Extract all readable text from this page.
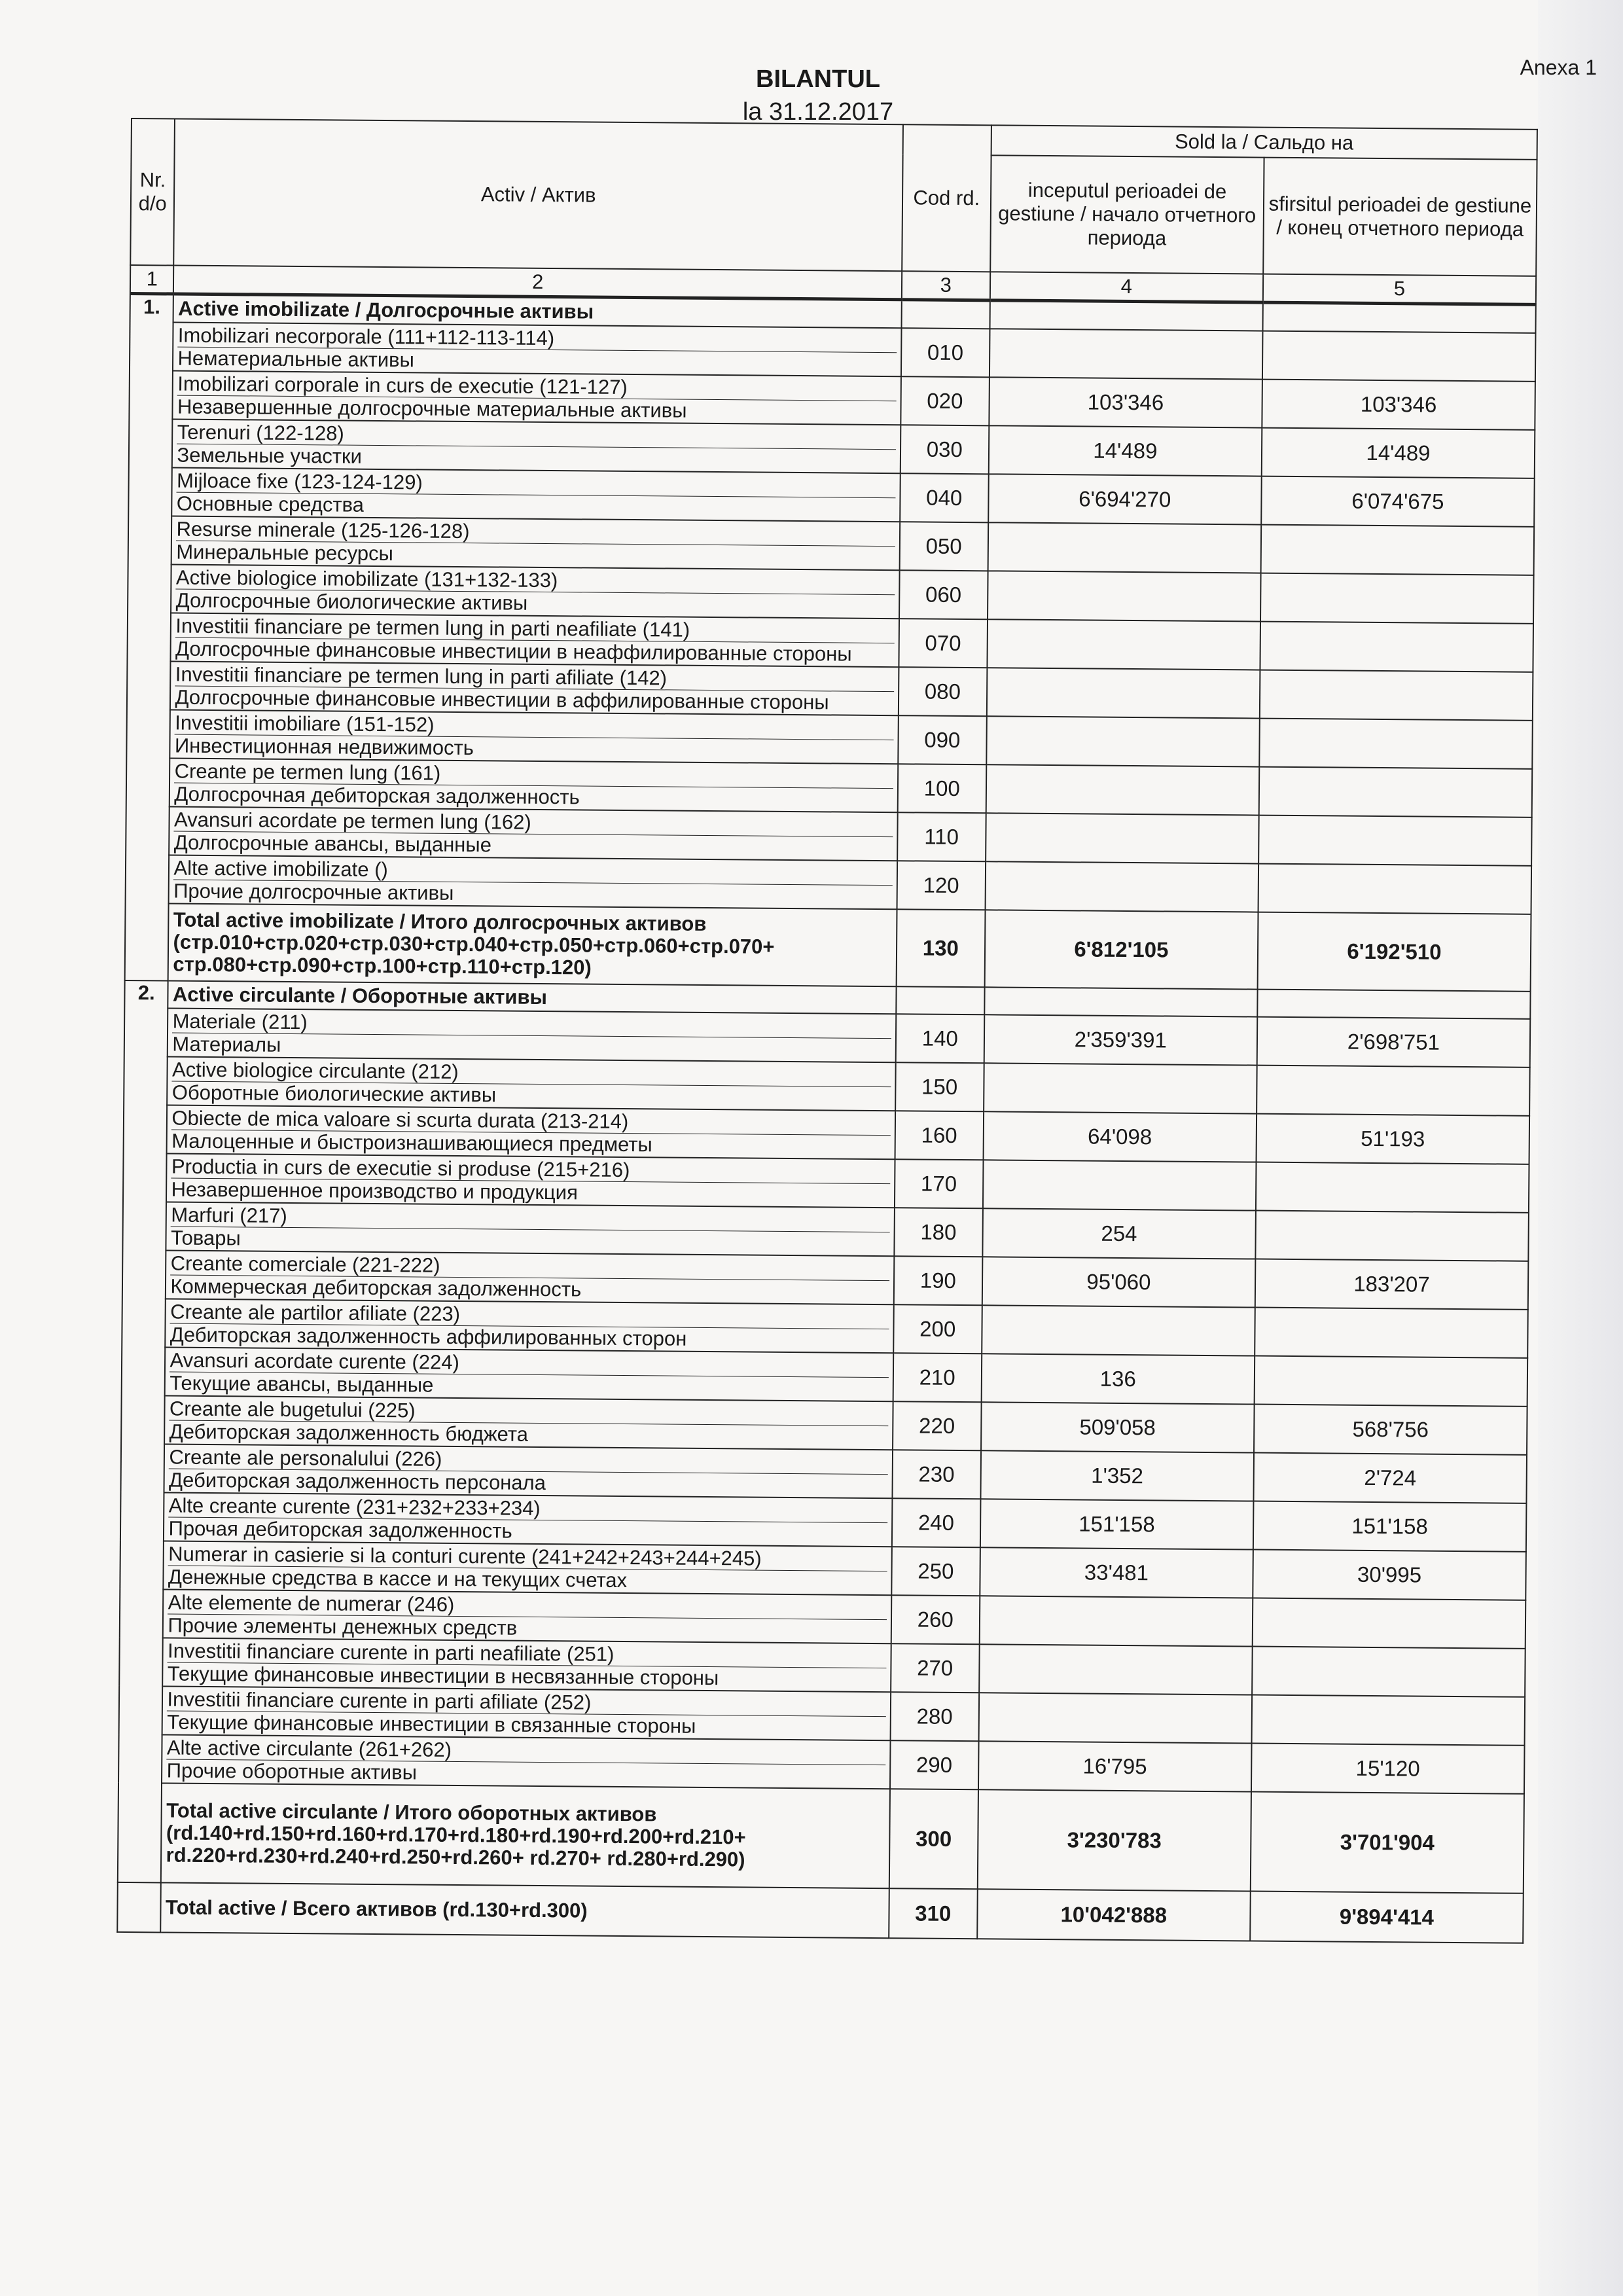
Anexa 1
BILANTUL
la 31.12.2017
Nr. d/o	Activ / Актив	Cod rd.	Sold la / Сальдо на	
			inceputul perioadei de gestiune / начало отчетного периода	sfirsitul perioadei de gestiune / конец отчетного периода
1	2	3	4	5
1.	Active imobilizate / Долгосрочные активы			

	Imobilizari necorporale (111+112-113-114)
Нематериальные активы	010		

	Imobilizari corporale in curs de executie (121-127)
Незавершенные долгосрочные материальные активы	020	103'346	103'346

	Terenuri (122-128)
Земельные участки	030	14'489	14'489

	Mijloace fixe (123-124-129)
Основные средства	040	6'694'270	6'074'675

	Resurse minerale (125-126-128)
Минеральные ресурсы	050		

	Active biologice imobilizate (131+132-133)
Долгосрочные биологические активы	060		

	Investitii financiare pe termen lung in parti neafiliate (141)
Долгосрочные финансовые инвестиции в неаффилированные стороны	070		

	Investitii financiare pe termen lung in parti afiliate (142)
Долгосрочные финансовые инвестиции в аффилированные стороны	080		

	Investitii imobiliare (151-152)
Инвестиционная недвижимость	090		

	Creante pe termen lung (161)
Долгосрочная дебиторская задолженность	100		

	Avansuri acordate pe termen lung (162)
Долгосрочные авансы, выданные	110		

	Alte active imobilizate ()
Прочие долгосрочные активы	120		
	Total active imobilizate / Итого долгосрочных активов (стр.010+стр.020+стр.030+стр.040+стр.050+стр.060+стр.070+ стр.080+стр.090+стр.100+стр.110+стр.120)	130	6'812'105	6'192'510
2.	Active circulante / Оборотные активы			

	Materiale (211)
Материалы	140	2'359'391	2'698'751

	Active biologice circulante (212)
Оборотные биологические активы	150		

	Obiecte de mica valoare si scurta durata (213-214)
Малоценные и быстроизнашивающиеся предметы	160	64'098	51'193

	Productia in curs de executie si produse (215+216)
Незавершенное производство и продукция	170		

	Marfuri (217)
Товары	180	254	

	Creante comerciale (221-222)
Коммерческая дебиторская задолженность	190	95'060	183'207

	Creante ale partilor afiliate (223)
Дебиторская задолженность аффилированных сторон	200		

	Avansuri acordate curente (224)
Текущие авансы, выданные	210	136	

	Creante ale bugetului (225)
Дебиторская задолженность бюджета	220	509'058	568'756

	Creante ale personalului (226)
Дебиторская задолженность персонала	230	1'352	2'724

	Alte creante curente (231+232+233+234)
Прочая дебиторская задолженность	240	151'158	151'158

	Numerar in casierie si la conturi curente (241+242+243+244+245)
Денежные средства в кассе и на текущих счетах	250	33'481	30'995

	Alte elemente de numerar (246)
Прочие элементы денежных средств	260		

	Investitii financiare curente in parti neafiliate (251)
Текущие финансовые инвестиции в несвязанные стороны	270		

	Investitii financiare curente in parti afiliate (252)
Текущие финансовые инвестиции в связанные стороны	280		

	Alte active circulante (261+262)
Прочие оборотные активы	290	16'795	15'120
	Total active circulante / Итого оборотных активов (rd.140+rd.150+rd.160+rd.170+rd.180+rd.190+rd.200+rd.210+ rd.220+rd.230+rd.240+rd.250+rd.260+ rd.270+ rd.280+rd.290)	300	3'230'783	3'701'904
	Total active / Всего активов (rd.130+rd.300)	310	10'042'888	9'894'414
